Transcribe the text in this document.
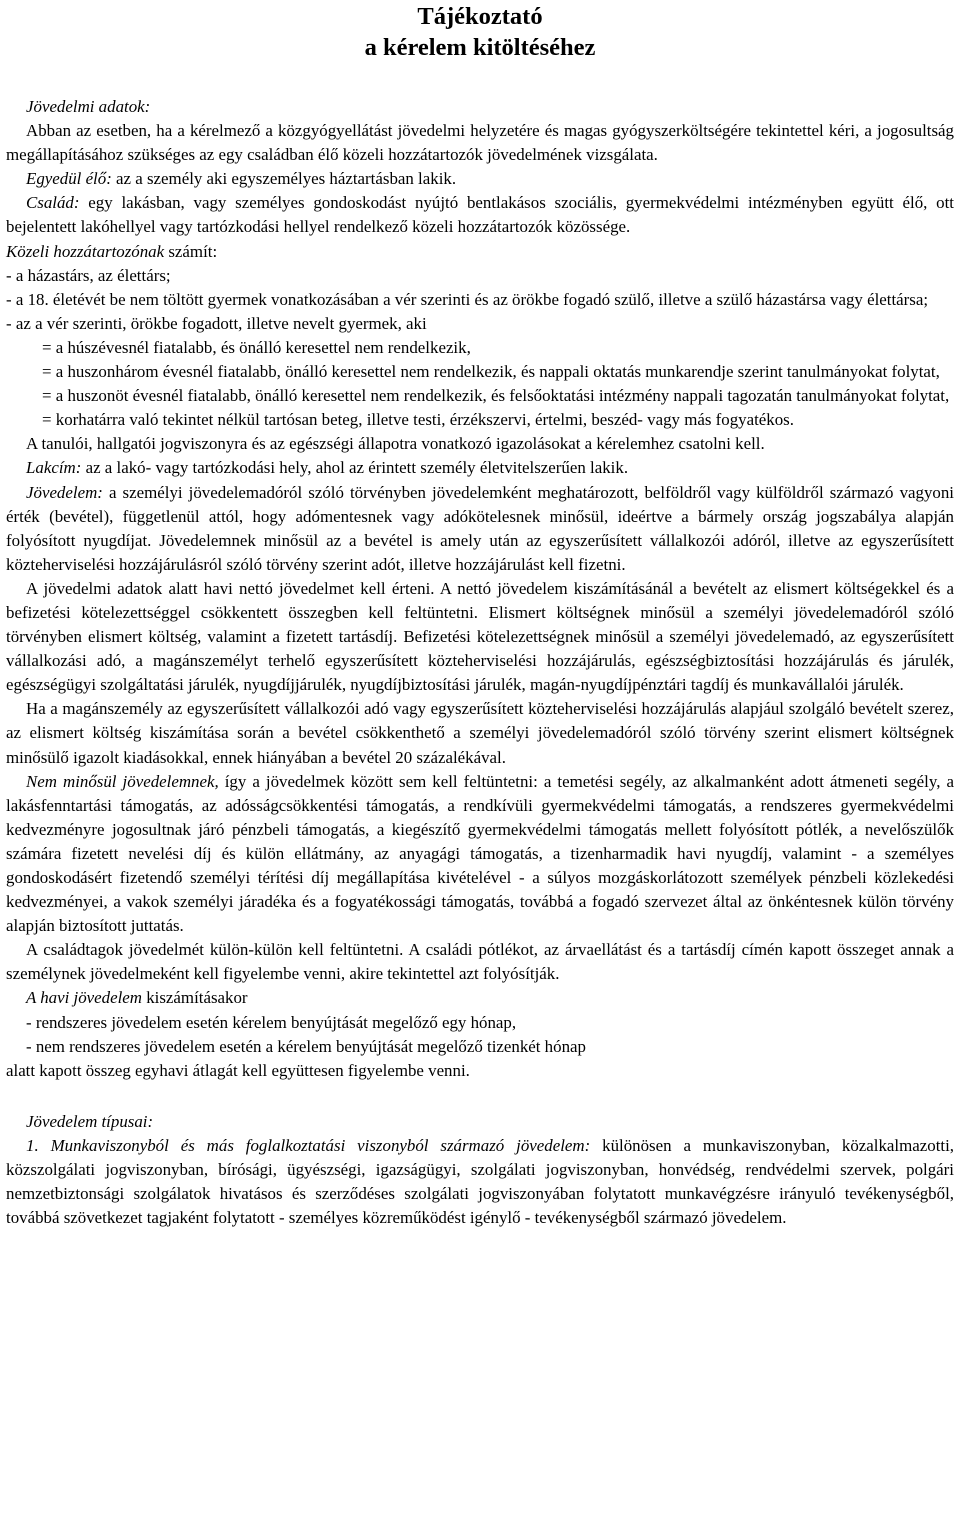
Tájékoztató
a kérelem kitöltéséhez

Jövedelmi adatok:

Abban az esetben, ha a kérelmező a közgyógyellátást jövedelmi helyzetére és magas gyógyszerköltségére tekintettel kéri, a jogosultság megállapításához szükséges az egy családban élő közeli hozzátartozók jövedelmének vizsgálata.

Egyedül élő: az a személy aki egyszemélyes háztartásban lakik.

Család: egy lakásban, vagy személyes gondoskodást nyújtó bentlakásos szociális, gyermekvédelmi intézményben együtt élő, ott bejelentett lakóhellyel vagy tartózkodási hellyel rendelkező közeli hozzátartozók közössége.

Közeli hozzátartozónak számít:

- a házastárs, az élettárs;

- a 18. életévét be nem töltött gyermek vonatkozásában a vér szerinti és az örökbe fogadó szülő, illetve a szülő házastársa vagy élettársa;

- az a vér szerinti, örökbe fogadott, illetve nevelt gyermek, aki

= a húszévesnél fiatalabb, és önálló keresettel nem rendelkezik,

= a huszonhárom évesnél fiatalabb, önálló keresettel nem rendelkezik, és nappali oktatás munkarendje szerint tanulmányokat folytat,

= a huszonöt évesnél fiatalabb, önálló keresettel nem rendelkezik, és felsőoktatási intézmény nappali tagozatán tanulmányokat folytat,

= korhatárra való tekintet nélkül tartósan beteg, illetve testi, érzékszervi, értelmi, beszéd- vagy más fogyatékos.

A tanulói, hallgatói jogviszonyra és az egészségi állapotra vonatkozó igazolásokat a kérelemhez csatolni kell.

Lakcím: az a lakó- vagy tartózkodási hely, ahol az érintett személy életvitelszerűen lakik.

Jövedelem: a személyi jövedelemadóról szóló törvényben jövedelemként meghatározott, belföldről vagy külföldről származó vagyoni érték (bevétel), függetlenül attól, hogy adómentesnek vagy adókötelesnek minősül, ideértve a bármely ország jogszabálya alapján folyósított nyugdíjat. Jövedelemnek minősül az a bevétel is amely után az egyszerűsített vállalkozói adóról, illetve az egyszerűsített közteherviselési hozzájárulásról szóló törvény szerint adót, illetve hozzájárulást kell fizetni.

A jövedelmi adatok alatt havi nettó jövedelmet kell érteni. A nettó jövedelem kiszámításánál a bevételt az elismert költségekkel és a befizetési kötelezettséggel csökkentett összegben kell feltüntetni. Elismert költségnek minősül a személyi jövedelemadóról szóló törvényben elismert költség, valamint a fizetett tartásdíj. Befizetési kötelezettségnek minősül a személyi jövedelemadó, az egyszerűsített vállalkozási adó, a magánszemélyt terhelő egyszerűsített közteherviselési hozzájárulás, egészségbiztosítási hozzájárulás és járulék, egészségügyi szolgáltatási járulék, nyugdíjjárulék, nyugdíjbiztosítási járulék, magán-nyugdíjpénztári tagdíj és munkavállalói járulék.

Ha a magánszemély az egyszerűsített vállalkozói adó vagy egyszerűsített közteherviselési hozzájárulás alapjául szolgáló bevételt szerez, az elismert költség kiszámítása során a bevétel csökkenthető a személyi jövedelemadóról szóló törvény szerint elismert költségnek minősülő igazolt kiadásokkal, ennek hiányában a bevétel 20 százalékával.

Nem minősül jövedelemnek, így a jövedelmek között sem kell feltüntetni: a temetési segély, az alkalmanként adott átmeneti segély, a lakásfenntartási támogatás, az adósságcsökkentési támogatás, a rendkívüli gyermekvédelmi támogatás, a rendszeres gyermekvédelmi kedvezményre jogosultnak járó pénzbeli támogatás, a kiegészítő gyermekvédelmi támogatás mellett folyósított pótlék, a nevelőszülők számára fizetett nevelési díj és külön ellátmány, az anyagági támogatás, a tizenharmadik havi nyugdíj, valamint - a személyes gondoskodásért fizetendő személyi térítési díj megállapítása kivételével - a súlyos mozgáskorlátozott személyek pénzbeli közlekedési kedvezményei, a vakok személyi járadéka és a fogyatékossági támogatás, továbbá a fogadó szervezet által az önkéntesnek külön törvény alapján biztosított juttatás.

A családtagok jövedelmét külön-külön kell feltüntetni. A családi pótlékot, az árvaellátást és a tartásdíj címén kapott összeget annak a személynek jövedelmeként kell figyelembe venni, akire tekintettel azt folyósítják.

A havi jövedelem kiszámításakor

- rendszeres jövedelem esetén kérelem benyújtását megelőző egy hónap,

- nem rendszeres jövedelem esetén a kérelem benyújtását megelőző tizenkét hónap

alatt kapott összeg egyhavi átlagát kell együttesen figyelembe venni.

Jövedelem típusai:

1. Munkaviszonyból és más foglalkoztatási viszonyból származó jövedelem: különösen a munkaviszonyban, közalkalmazotti, közszolgálati jogviszonyban, bírósági, ügyészségi, igazságügyi, szolgálati jogviszonyban, honvédség, rendvédelmi szervek, polgári nemzetbiztonsági szolgálatok hivatásos és szerződéses szolgálati jogviszonyában folytatott munkavégzésre irányuló tevékenységből, továbbá szövetkezet tagjaként folytatott - személyes közreműködést igénylő - tevékenységből származó jövedelem.
